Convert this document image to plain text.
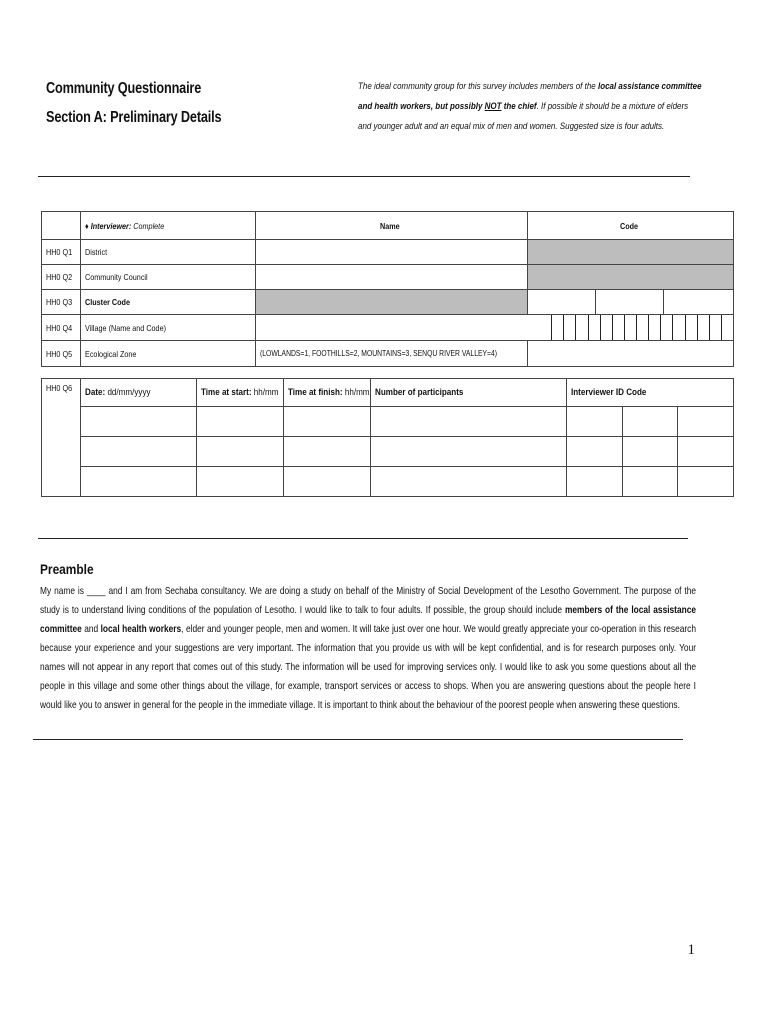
Community Questionnaire
Section A: Preliminary Details
The ideal community group for this survey includes members of the local assistance committee and health workers, but possibly NOT the chief. If possible it should be a mixture of elders and younger adult and an equal mix of men and women. Suggested size is four adults.
	♦ Interviewer: Complete	Name	Code		
HH0 Q1	District				
HH0 Q2	Community Council				
HH0 Q3	Cluster Code				
HH0 Q4	Village (Name and Code)				

HH0 Q5	Ecological Zone	(LOWLANDS=1, FOOTHILLS=2, MOUNTAINS=3, SENQU RIVER VALLEY=4)			
HH0 Q6	Date: dd/mm/yyyy	Time at start: hh/mm	Time at finish: hh/mm	Number of participants	Interviewer ID Code		

Preamble
My name is ____ and I am from Sechaba consultancy. We are doing a study on behalf of the Ministry of Social Development of the Lesotho Government. The purpose of the study is to understand living conditions of the population of Lesotho. I would like to talk to four adults. If possible, the group should include members of the local assistance committee and local health workers, elder and younger people, men and women. It will take just over one hour. We would greatly appreciate your co-operation in this research because your experience and your suggestions are very important. The information that you provide us with will be kept confidential, and is for research purposes only. Your names will not appear in any report that comes out of this study. The information will be used for improving services only. I would like to ask you some questions about all the people in this village and some other things about the village, for example, transport services or access to shops. When you are answering questions about the people here I would like you to answer in general for the people in the immediate village. It is important to think about the behaviour of the poorest people when answering these questions.
1
